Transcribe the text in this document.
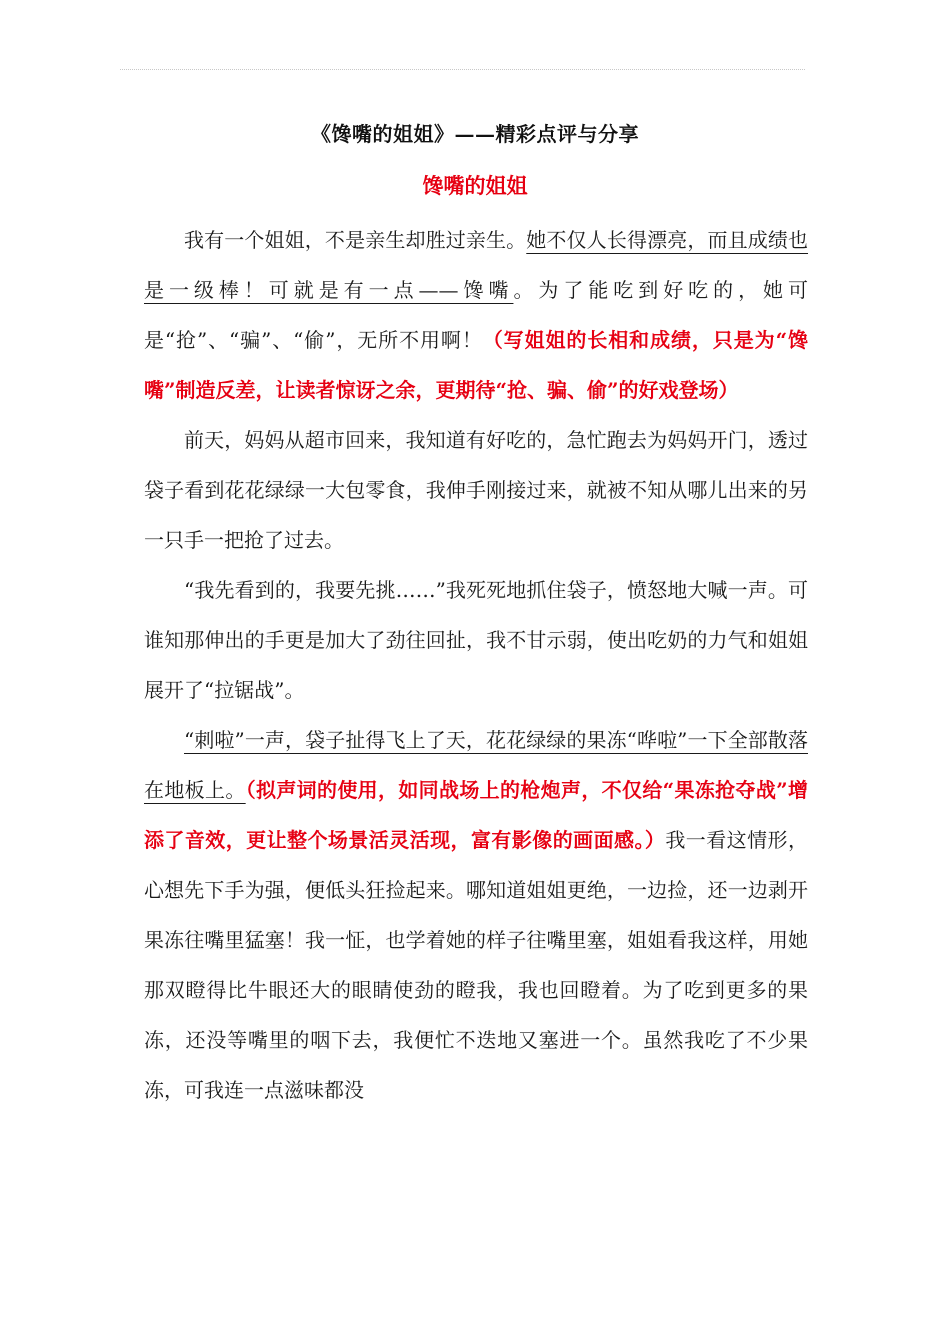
《馋嘴的姐姐》——精彩点评与分享
馋嘴的姐姐

我有一个姐姐，不是亲生却胜过亲生。她不仅人长得漂亮，而且成绩也是一级棒！可就是有一点——馋嘴。为了能吃到好吃的，她可是“抢”、“骗”、“偷”，无所不用啊！（写姐姐的长相和成绩，只是为“馋嘴”制造反差，让读者惊讶之余，更期待“抢、骗、偷”的好戏登场）

前天，妈妈从超市回来，我知道有好吃的，急忙跑去为妈妈开门，透过袋子看到花花绿绿一大包零食，我伸手刚接过来，就被不知从哪儿出来的另一只手一把抢了过去。

“我先看到的，我要先挑……”我死死地抓住袋子，愤怒地大喊一声。可谁知那伸出的手更是加大了劲往回扯，我不甘示弱，使出吃奶的力气和姐姐展开了“拉锯战”。

“刺啦”一声，袋子扯得飞上了天，花花绿绿的果冻“哗啦”一下全部散落在地板上。（拟声词的使用，如同战场上的枪炮声，不仅给“果冻抢夺战”增添了音效，更让整个场景活灵活现，富有影像的画面感。）我一看这情形，心想先下手为强，便低头狂捡起来。哪知道姐姐更绝，一边捡，还一边剥开果冻往嘴里猛塞！我一怔，也学着她的样子往嘴里塞，姐姐看我这样，用她那双瞪得比牛眼还大的眼睛使劲的瞪我，我也回瞪着。为了吃到更多的果冻，还没等嘴里的咽下去，我便忙不迭地又塞进一个。虽然我吃了不少果冻，可我连一点滋味都没
